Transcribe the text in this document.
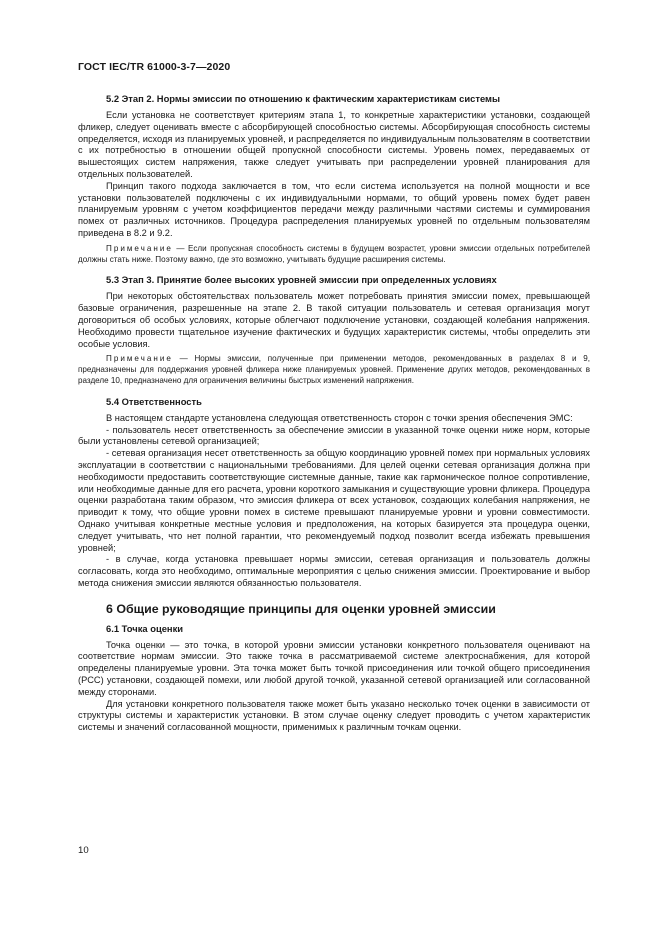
ГОСТ IEC/TR 61000-3-7—2020
5.2 Этап 2. Нормы эмиссии по отношению к фактическим характеристикам системы

Если установка не соответствует критериям этапа 1, то конкретные характеристики установки, создающей фликер, следует оценивать вместе с абсорбирующей способностью системы. Абсорбирующая способность системы определяется, исходя из планируемых уровней, и распределяется по индивидуальным пользователям в соответствии с их потребностью в отношении общей пропускной способности системы. Уровень помех, передаваемых от вышестоящих систем напряжения, также следует учитывать при распределении уровней планирования для отдельных пользователей.

Принцип такого подхода заключается в том, что если система используется на полной мощности и все установки пользователей подключены с их индивидуальными нормами, то общий уровень помех будет равен планируемым уровням с учетом коэффициентов передачи между различными частями системы и суммирования помех от различных источников. Процедура распределения планируемых уровней по отдельным пользователям приведена в 8.2 и 9.2.

Примечание — Если пропускная способность системы в будущем возрастет, уровни эмиссии отдельных потребителей должны стать ниже. Поэтому важно, где это возможно, учитывать будущие расширения системы.
5.3 Этап 3. Принятие более высоких уровней эмиссии при определенных условиях

При некоторых обстоятельствах пользователь может потребовать принятия эмиссии помех, превышающей базовые ограничения, разрешенные на этапе 2. В такой ситуации пользователь и сетевая организация могут договориться об особых условиях, которые облегчают подключение установки, создающей колебания напряжения. Необходимо провести тщательное изучение фактических и будущих характеристик системы, чтобы определить эти особые условия.

Примечание — Нормы эмиссии, полученные при применении методов, рекомендованных в разделах 8 и 9, предназначены для поддержания уровней фликера ниже планируемых уровней. Применение других методов, рекомендованных в разделе 10, предназначено для ограничения величины быстрых изменений напряжения.
5.4 Ответственность

В настоящем стандарте установлена следующая ответственность сторон с точки зрения обеспечения ЭМС:

- пользователь несет ответственность за обеспечение эмиссии в указанной точке оценки ниже норм, которые были установлены сетевой организацией;

- сетевая организация несет ответственность за общую координацию уровней помех при нормальных условиях эксплуатации в соответствии с национальными требованиями. Для целей оценки сетевая организация должна при необходимости предоставить соответствующие системные данные, такие как гармоническое полное сопротивление, или необходимые данные для его расчета, уровни короткого замыкания и существующие уровни фликера. Процедура оценки разработана таким образом, что эмиссия фликера от всех установок, создающих колебания напряжения, не приводит к тому, что общие уровни помех в системе превышают планируемые уровни и уровни совместимости. Однако учитывая конкретные местные условия и предположения, на которых базируется эта процедура оценки, следует учитывать, что нет полной гарантии, что рекомендуемый подход позволит всегда избежать превышения уровней;

- в случае, когда установка превышает нормы эмиссии, сетевая организация и пользователь должны согласовать, когда это необходимо, оптимальные мероприятия с целью снижения эмиссии. Проектирование и выбор метода снижения эмиссии являются обязанностью пользователя.

6 Общие руководящие принципы для оценки уровней эмиссии
6.1 Точка оценки

Точка оценки — это точка, в которой уровни эмиссии установки конкретного пользователя оценивают на соответствие нормам эмиссии. Это также точка в рассматриваемой системе электроснабжения, для которой определены планируемые уровни. Эта точка может быть точкой присоединения или точкой общего присоединения (PCC) установки, создающей помехи, или любой другой точкой, указанной сетевой организацией или согласованной между сторонами.

Для установки конкретного пользователя также может быть указано несколько точек оценки в зависимости от структуры системы и характеристик установки. В этом случае оценку следует проводить с учетом характеристик системы и значений согласованной мощности, применимых к различным точкам оценки.

10
